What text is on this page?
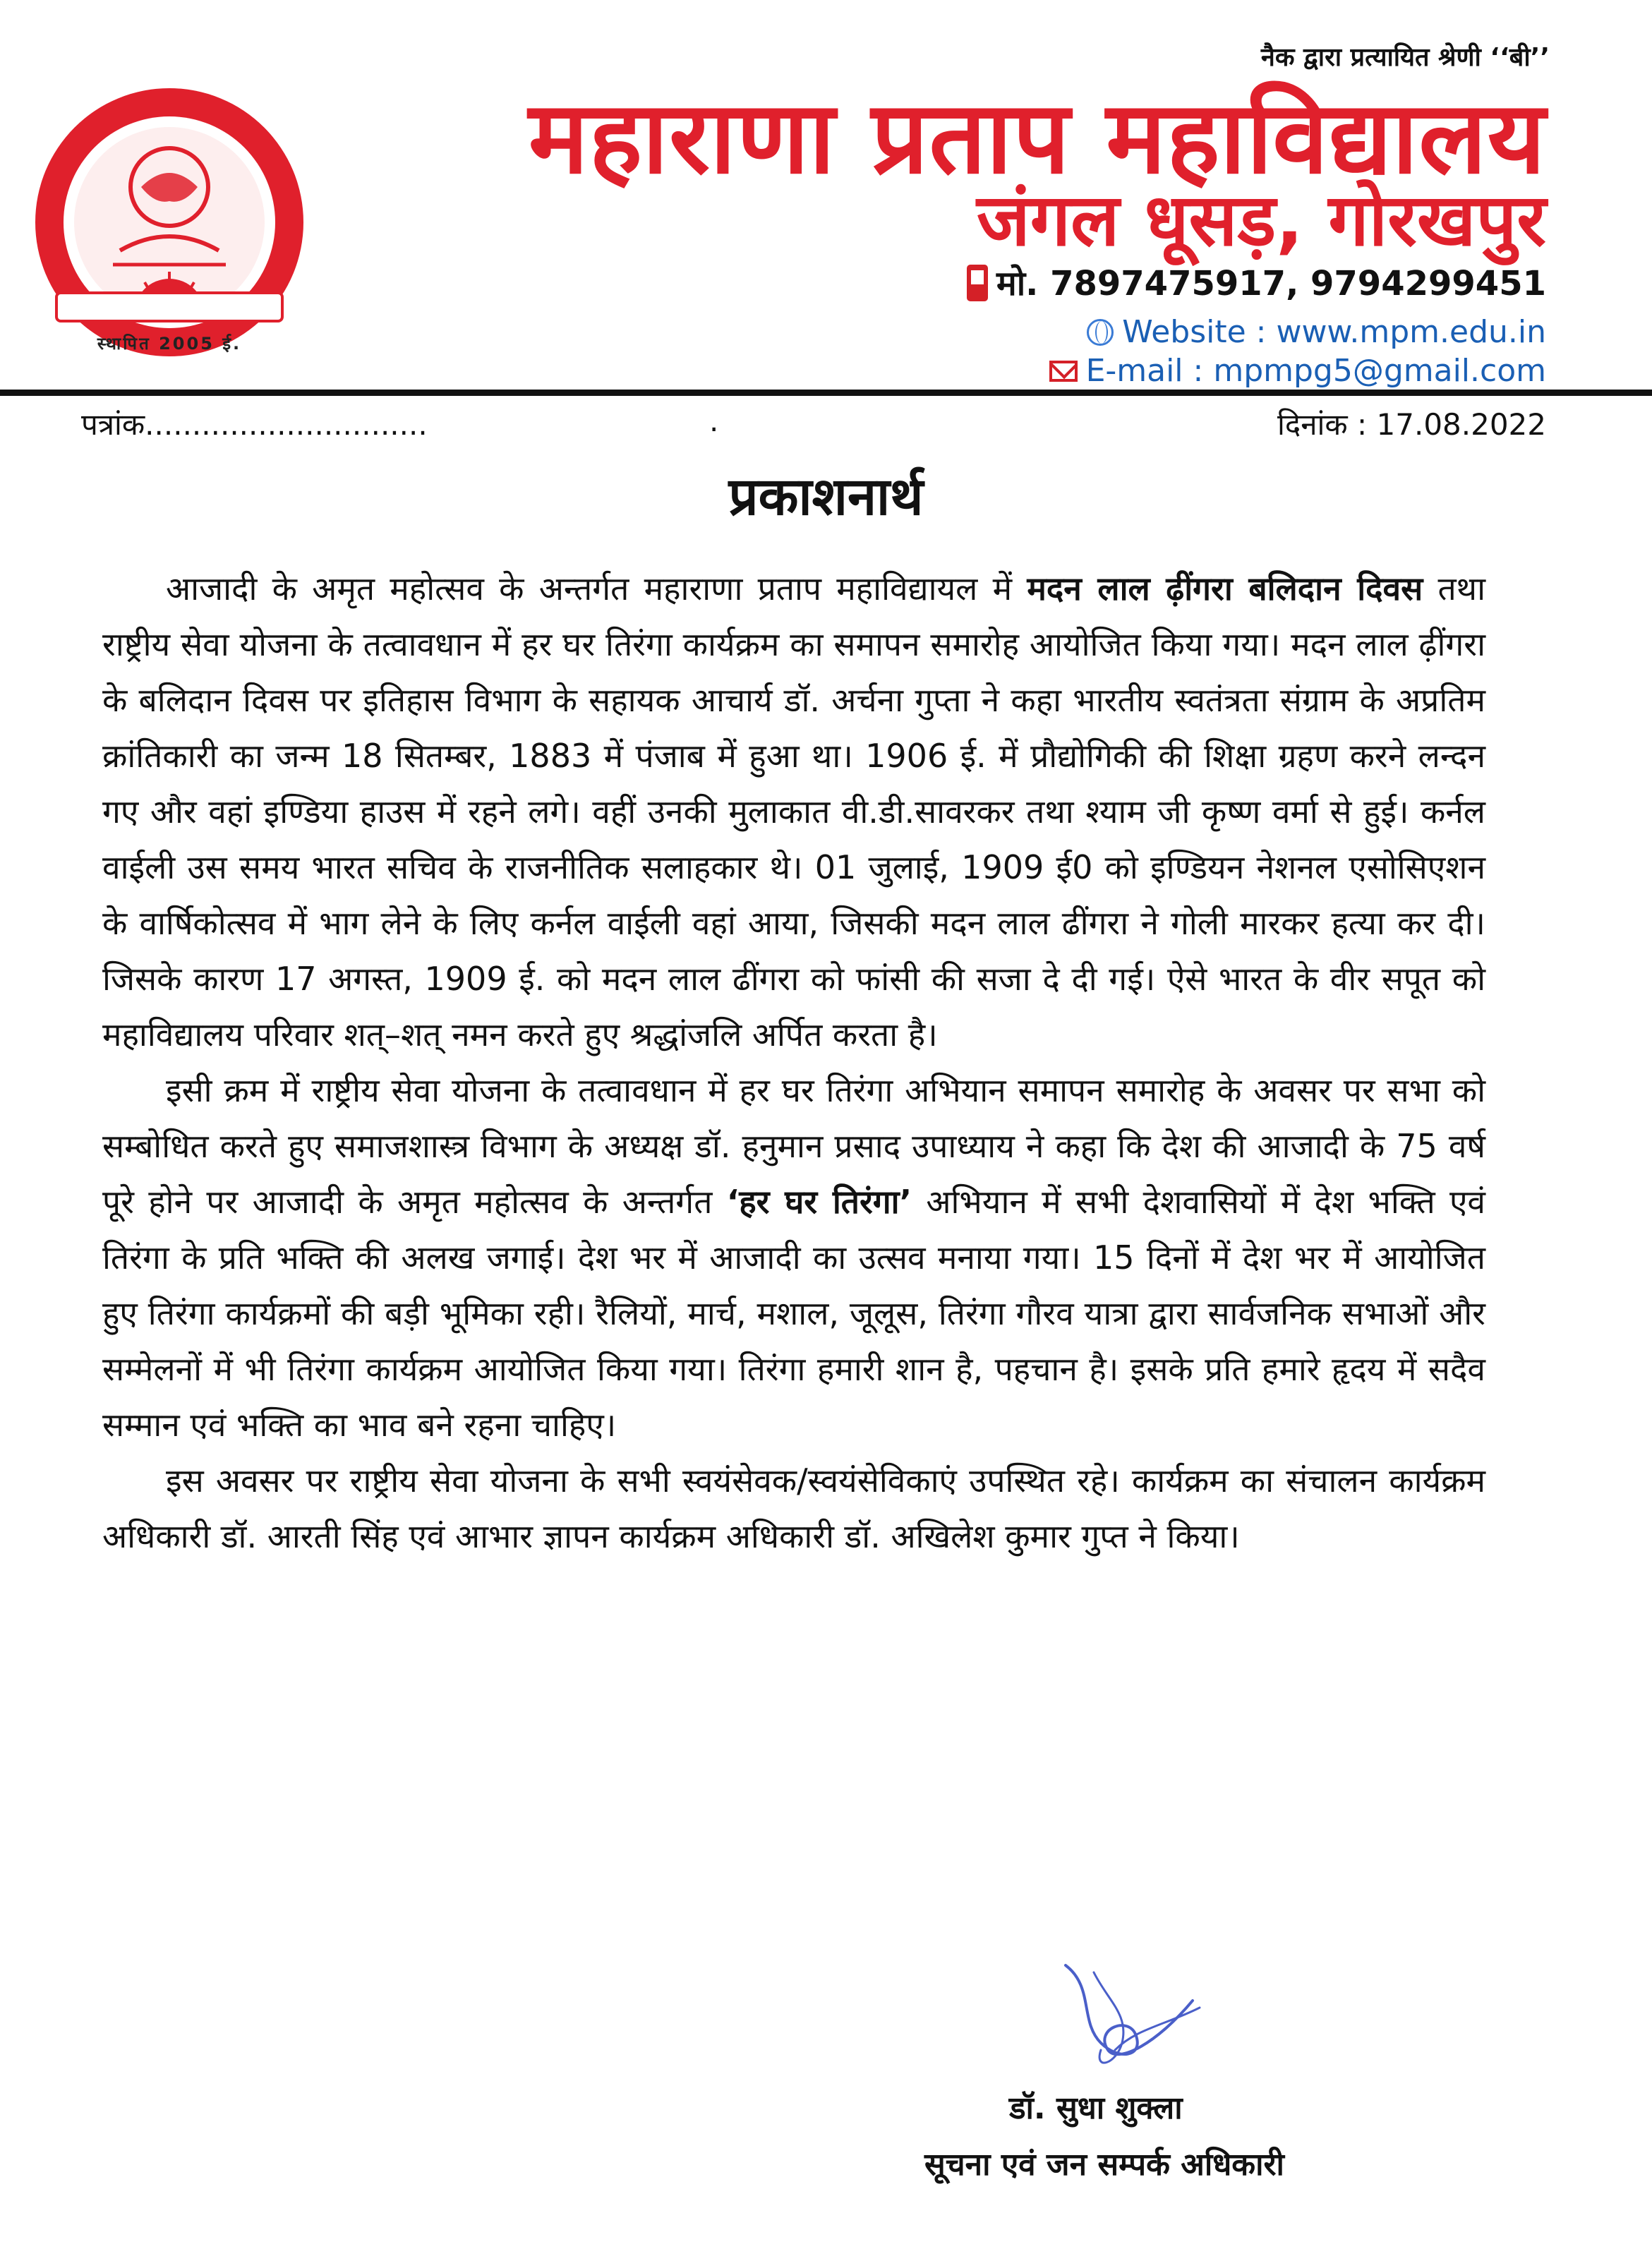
स्थापित 2005 ई.
नैक द्वारा प्रत्यायित श्रेणी ‘‘बी’’
महाराणा प्रताप महाविद्यालय
जंगल धूसड़, गोरखपुर
मो. 7897475917, 9794299451
Website : www.mpm.edu.in
E-mail : mpmpg5@gmail.com
पत्रांक..............................	.	दिनांक : 17.08.2022
प्रकाशनार्थ

आजादी के अमृत महोत्सव के अन्तर्गत महाराणा प्रताप महाविद्यायल में मदन लाल ढ़ींगरा बलिदान दिवस तथा राष्ट्रीय सेवा योजना के तत्वावधान में हर घर तिरंगा कार्यक्रम का समापन समारोह आयोजित किया गया। मदन लाल ढ़ींगरा के बलिदान दिवस पर इतिहास विभाग के सहायक आचार्य डॉ. अर्चना गुप्ता ने कहा भारतीय स्वतंत्रता संग्राम के अप्रतिम क्रांतिकारी का जन्म 18 सितम्बर, 1883 में पंजाब में हुआ था। 1906 ई. में प्रौद्योगिकी की शिक्षा ग्रहण करने लन्दन गए और वहां इण्डिया हाउस में रहने लगे। वहीं उनकी मुलाकात वी.डी.सावरकर तथा श्याम जी कृष्ण वर्मा से हुई। कर्नल वाईली उस समय भारत सचिव के राजनीतिक सलाहकार थे। 01 जुलाई, 1909 ई0 को इण्डियन नेशनल एसोसिएशन के वार्षिकोत्सव में भाग लेने के लिए कर्नल वाईली वहां आया, जिसकी मदन लाल ढींगरा ने गोली मारकर हत्या कर दी। जिसके कारण 17 अगस्त, 1909 ई. को मदन लाल ढींगरा को फांसी की सजा दे दी गई। ऐसे भारत के वीर सपूत को महाविद्यालय परिवार शत्–शत् नमन करते हुए श्रद्धांजलि अर्पित करता है।

इसी क्रम में राष्ट्रीय सेवा योजना के तत्वावधान में हर घर तिरंगा अभियान समापन समारोह के अवसर पर सभा को सम्बोधित करते हुए समाजशास्त्र विभाग के अध्यक्ष डॉ. हनुमान प्रसाद उपाध्याय ने कहा कि देश की आजादी के 75 वर्ष पूरे होने पर आजादी के अमृत महोत्सव के अन्तर्गत ‘हर घर तिरंगा’ अभियान में सभी देशवासियों में देश भक्ति एवं तिरंगा के प्रति भक्ति की अलख जगाई। देश भर में आजादी का उत्सव मनाया गया। 15 दिनों में देश भर में आयोजित हुए तिरंगा कार्यक्रमों की बड़ी भूमिका रही। रैलियों, मार्च, मशाल, जूलूस, तिरंगा गौरव यात्रा द्वारा सार्वजनिक सभाओं और सम्मेलनों में भी तिरंगा कार्यक्रम आयोजित किया गया। तिरंगा हमारी शान है, पहचान है। इसके प्रति हमारे हृदय में सदैव सम्मान एवं भक्ति का भाव बने रहना चाहिए।

इस अवसर पर राष्ट्रीय सेवा योजना के सभी स्वयंसेवक/स्वयंसेविकाएं उपस्थित रहे। कार्यक्रम का संचालन कार्यक्रम अधिकारी डॉ. आरती सिंह एवं आभार ज्ञापन कार्यक्रम अधिकारी डॉ. अखिलेश कुमार गुप्त ने किया।

डॉ. सुधा शुक्ला
सूचना एवं जन सम्पर्क अधिकारी
